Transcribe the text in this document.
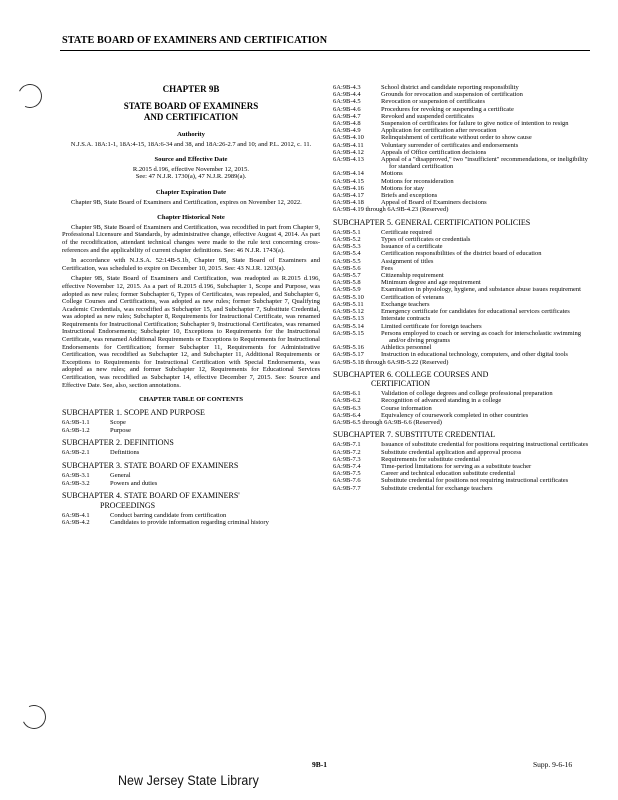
STATE BOARD OF EXAMINERS AND CERTIFICATION
CHAPTER 9B
STATE BOARD OF EXAMINERS
AND CERTIFICATION
Authority
N.J.S.A. 18A:1-1, 18A:4-15, 18A:6-34 and 38, and 18A:26-2.7 and 10; and P.L. 2012, c. 11.
Source and Effective Date
R.2015 d.196, effective November 12, 2015.
See: 47 N.J.R. 1730(a), 47 N.J.R. 2989(a).
Chapter Expiration Date
Chapter 9B, State Board of Examiners and Certification, expires on November 12, 2022.
Chapter Historical Note
Chapter 9B, State Board of Examiners and Certification, was recodified in part from Chapter 9, Professional Licensure and Standards, by administrative change, effective August 4, 2014. As part of the recodification, attendant technical changes were made to the rule text concerning cross-references and the applicability of current chapter definitions. See: 46 N.J.R. 1743(a).
In accordance with N.J.S.A. 52:14B-5.1b, Chapter 9B, State Board of Examiners and Certification, was scheduled to expire on December 10, 2015. See: 43 N.J.R. 1203(a).
Chapter 9B, State Board of Examiners and Certification, was readopted as R.2015 d.196, effective November 12, 2015. As a part of R.2015 d.196, Subchapter 1, Scope and Purpose, was adopted as new rules; former Subchapter 6, Types of Certificates, was repealed, and Subchapter 6, College Courses and Certifications, was adopted as new rules; former Subchapter 7, Qualifying Academic Credentials, was recodified as Subchapter 15, and Subchapter 7, Substitute Credential, was adopted as new rules; Subchapter 8, Requirements for Instructional Certificate, was renamed Requirements for Instructional Certification; Subchapter 9, Instructional Certificates, was renamed Instructional Endorsements; Subchapter 10, Exceptions to Requirements for the Instructional Certificate, was renamed Additional Requirements or Exceptions to Requirements for Instructional Endorsements for Certification; former Subchapter 11, Requirements for Administrative Certification, was recodified as Subchapter 12, and Subchapter 11, Additional Requirements or Exceptions to Requirements for Instructional Certification with Special Endorsements, was adopted as new rules; and former Subchapter 12, Requirements for Educational Services Certification, was recodified as Subchapter 14, effective December 7, 2015. See: Source and Effective Date. See, also, section annotations.
CHAPTER TABLE OF CONTENTS
SUBCHAPTER 1. SCOPE AND PURPOSE
6A:9B-1.1	Scope
6A:9B-1.2	Purpose
SUBCHAPTER 2. DEFINITIONS
6A:9B-2.1	Definitions
SUBCHAPTER 3. STATE BOARD OF EXAMINERS
6A:9B-3.1	General
6A:9B-3.2	Powers and duties
SUBCHAPTER 4. STATE BOARD OF EXAMINERS'
PROCEEDINGS
6A:9B-4.1	Conduct barring candidate from certification
6A:9B-4.2	Candidates to provide information regarding criminal history
6A:9B-4.3	School district and candidate reporting responsibility
6A:9B-4.4	Grounds for revocation and suspension of certification
6A:9B-4.5	Revocation or suspension of certificates
6A:9B-4.6	Procedures for revoking or suspending a certificate
6A:9B-4.7	Revoked and suspended certificates
6A:9B-4.8	Suspension of certificates for failure to give notice of intention to resign
6A:9B-4.9	Application for certification after revocation
6A:9B-4.10	Relinquishment of certificate without order to show cause
6A:9B-4.11	Voluntary surrender of certificates and endorsements
6A:9B-4.12	Appeals of Office certification decisions
6A:9B-4.13	Appeal of a "disapproved," two "insufficient" recommendations, or ineligibility for standard certification
6A:9B-4.14	Motions
6A:9B-4.15	Motions for reconsideration
6A:9B-4.16	Motions for stay
6A:9B-4.17	Briefs and exceptions
6A:9B-4.18	Appeal of Board of Examiners decisions
6A:9B-4.19 through 6A:9B-4.23 (Reserved)
SUBCHAPTER 5. GENERAL CERTIFICATION POLICIES
6A:9B-5.1	Certificate required
6A:9B-5.2	Types of certificates or credentials
6A:9B-5.3	Issuance of a certificate
6A:9B-5.4	Certification responsibilities of the district board of education
6A:9B-5.5	Assignment of titles
6A:9B-5.6	Fees
6A:9B-5.7	Citizenship requirement
6A:9B-5.8	Minimum degree and age requirement
6A:9B-5.9	Examination in physiology, hygiene, and substance abuse issues requirement
6A:9B-5.10	Certification of veterans
6A:9B-5.11	Exchange teachers
6A:9B-5.12	Emergency certificate for candidates for educational services certificates
6A:9B-5.13	Interstate contracts
6A:9B-5.14	Limited certificate for foreign teachers
6A:9B-5.15	Persons employed to coach or serving as coach for interscholastic swimming and/or diving programs
6A:9B-5.16	Athletics personnel
6A:9B-5.17	Instruction in educational technology, computers, and other digital tools
6A:9B-5.18 through 6A:9B-5.22 (Reserved)
SUBCHAPTER 6. COLLEGE COURSES AND
CERTIFICATION
6A:9B-6.1	Validation of college degrees and college professional preparation
6A:9B-6.2	Recognition of advanced standing in a college
6A:9B-6.3	Course information
6A:9B-6.4	Equivalency of coursework completed in other countries
6A:9B-6.5 through 6A:9B-6.6 (Reserved)
SUBCHAPTER 7. SUBSTITUTE CREDENTIAL
6A:9B-7.1	Issuance of substitute credential for positions requiring instructional certificates
6A:9B-7.2	Substitute credential application and approval process
6A:9B-7.3	Requirements for substitute credential
6A:9B-7.4	Time-period limitations for serving as a substitute teacher
6A:9B-7.5	Career and technical education substitute credential
6A:9B-7.6	Substitute credential for positions not requiring instructional certificates
6A:9B-7.7	Substitute credential for exchange teachers
9B-1	Supp. 9-6-16
New Jersey State Library
